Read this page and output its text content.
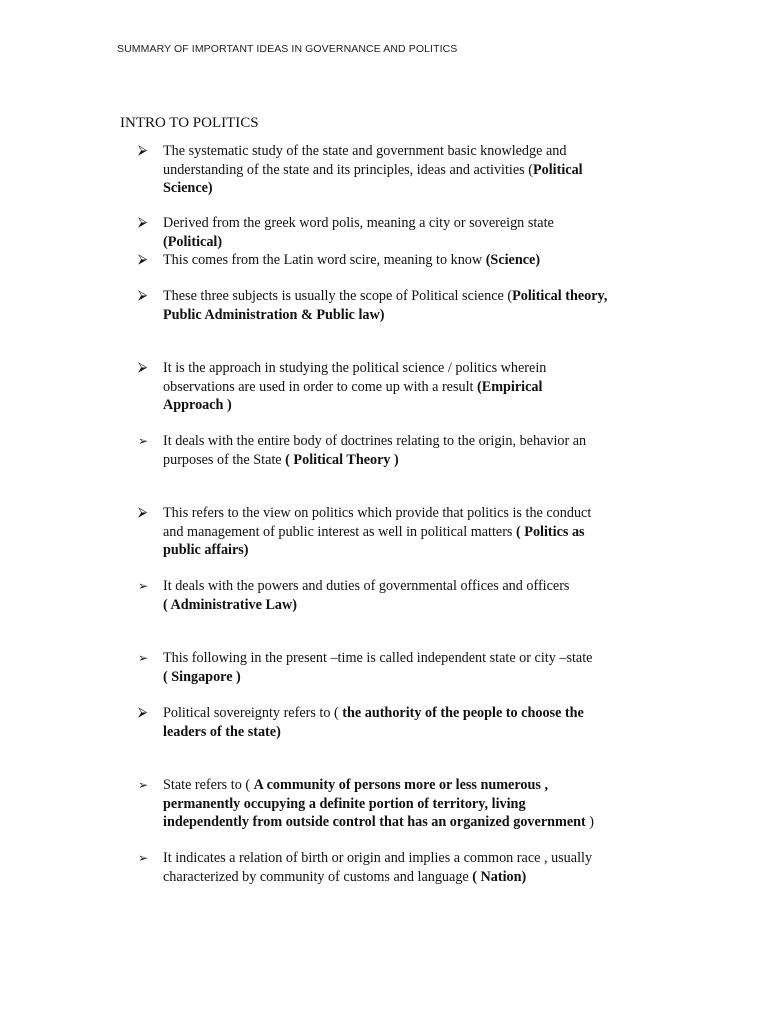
SUMMARY OF IMPORTANT IDEAS IN GOVERNANCE AND POLITICS
INTRO TO POLITICS
⮚	The systematic study of the state and government basic knowledge and
understanding of the state and its principles, ideas and activities (Political
Science)
⮚	Derived from the greek word polis, meaning a city or sovereign state
(Political)
⮚	This comes from the Latin word scire, meaning to know (Science)
⮚	These three subjects is usually the scope of Political science (Political theory,
Public Administration & Public law)
⮚	It is the approach in studying the political science / politics wherein
observations are used in order to come up with a result (Empirical
Approach )
➢	It deals with the entire body of doctrines relating to the origin, behavior an
purposes of the State ( Political Theory )
⮚	This refers to the view on politics which provide that politics is the conduct
and management of public interest as well in political matters ( Politics as
public affairs)
➢	It deals with the powers and duties of governmental offices and officers
( Administrative Law)
➢	This following in the present –time is called independent state or city –state
( Singapore )
⮚	Political sovereignty refers to ( the authority of the people to choose the
leaders of the state)
➢	State refers to ( A community of persons more or less numerous ,
permanently occupying a definite portion of territory, living
independently from outside control that has an organized government )
➢	It indicates a relation of birth or origin and implies a common race , usually
characterized by community of customs and language ( Nation)
